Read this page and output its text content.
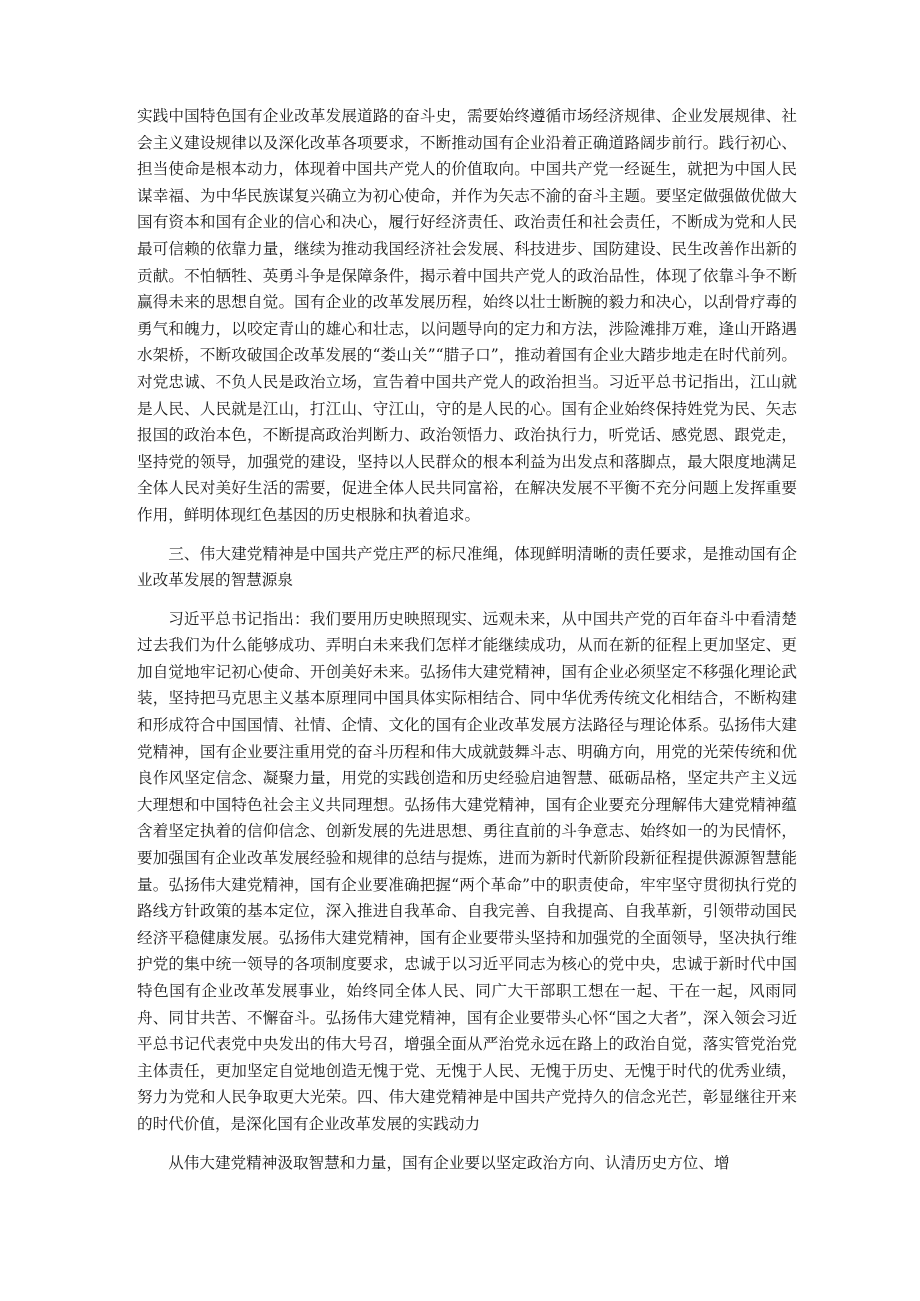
实践中国特色国有企业改革发展道路的奋斗史，需要始终遵循市场经济规律、企业发展规律、社会主义建设规律以及深化改革各项要求，不断推动国有企业沿着正确道路阔步前行。践行初心、担当使命是根本动力，体现着中国共产党人的价值取向。中国共产党一经诞生，就把为中国人民谋幸福、为中华民族谋复兴确立为初心使命，并作为矢志不渝的奋斗主题。要坚定做强做优做大国有资本和国有企业的信心和决心，履行好经济责任、政治责任和社会责任，不断成为党和人民最可信赖的依靠力量，继续为推动我国经济社会发展、科技进步、国防建设、民生改善作出新的贡献。不怕牺牲、英勇斗争是保障条件，揭示着中国共产党人的政治品性，体现了依靠斗争不断赢得未来的思想自觉。国有企业的改革发展历程，始终以壮士断腕的毅力和决心，以刮骨疗毒的勇气和魄力，以咬定青山的雄心和壮志，以问题导向的定力和方法，涉险滩排万难，逢山开路遇水架桥，不断攻破国企改革发展的“娄山关”“腊子口”，推动着国有企业大踏步地走在时代前列。对党忠诚、不负人民是政治立场，宣告着中国共产党人的政治担当。习近平总书记指出，江山就是人民、人民就是江山，打江山、守江山，守的是人民的心。国有企业始终保持姓党为民、矢志报国的政治本色，不断提高政治判断力、政治领悟力、政治执行力，听党话、感党恩、跟党走，坚持党的领导，加强党的建设，坚持以人民群众的根本利益为出发点和落脚点，最大限度地满足全体人民对美好生活的需要，促进全体人民共同富裕，在解决发展不平衡不充分问题上发挥重要作用，鲜明体现红色基因的历史根脉和执着追求。

三、伟大建党精神是中国共产党庄严的标尺准绳，体现鲜明清晰的责任要求，是推动国有企业改革发展的智慧源泉

习近平总书记指出：我们要用历史映照现实、远观未来，从中国共产党的百年奋斗中看清楚过去我们为什么能够成功、弄明白未来我们怎样才能继续成功，从而在新的征程上更加坚定、更加自觉地牢记初心使命、开创美好未来。弘扬伟大建党精神，国有企业必须坚定不移强化理论武装，坚持把马克思主义基本原理同中国具体实际相结合、同中华优秀传统文化相结合，不断构建和形成符合中国国情、社情、企情、文化的国有企业改革发展方法路径与理论体系。弘扬伟大建党精神，国有企业要注重用党的奋斗历程和伟大成就鼓舞斗志、明确方向，用党的光荣传统和优良作风坚定信念、凝聚力量，用党的实践创造和历史经验启迪智慧、砥砺品格，坚定共产主义远大理想和中国特色社会主义共同理想。弘扬伟大建党精神，国有企业要充分理解伟大建党精神蕴含着坚定执着的信仰信念、创新发展的先进思想、勇往直前的斗争意志、始终如一的为民情怀，要加强国有企业改革发展经验和规律的总结与提炼，进而为新时代新阶段新征程提供源源智慧能量。弘扬伟大建党精神，国有企业要准确把握“两个革命”中的职责使命，牢牢坚守贯彻执行党的路线方针政策的基本定位，深入推进自我革命、自我完善、自我提高、自我革新，引领带动国民经济平稳健康发展。弘扬伟大建党精神，国有企业要带头坚持和加强党的全面领导，坚决执行维护党的集中统一领导的各项制度要求，忠诚于以习近平同志为核心的党中央，忠诚于新时代中国特色国有企业改革发展事业，始终同全体人民、同广大干部职工想在一起、干在一起，风雨同舟、同甘共苦、不懈奋斗。弘扬伟大建党精神，国有企业要带头心怀“国之大者”，深入领会习近平总书记代表党中央发出的伟大号召，增强全面从严治党永远在路上的政治自觉，落实管党治党主体责任，更加坚定自觉地创造无愧于党、无愧于人民、无愧于历史、无愧于时代的优秀业绩，努力为党和人民争取更大光荣。四、伟大建党精神是中国共产党持久的信念光芒，彰显继往开来的时代价值，是深化国有企业改革发展的实践动力

从伟大建党精神汲取智慧和力量，国有企业要以坚定政治方向、认清历史方位、增
